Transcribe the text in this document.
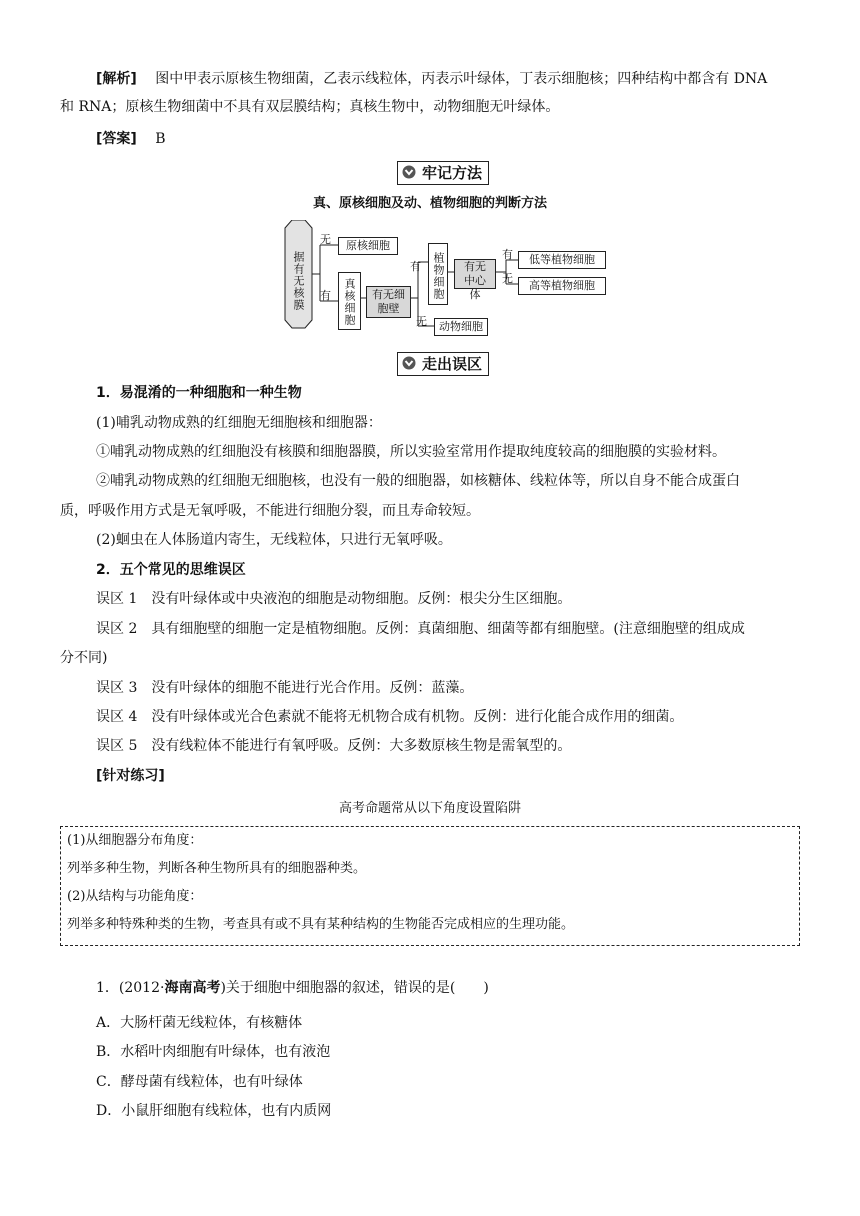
[解析]　 图中甲表示原核生物细菌，乙表示线粒体，丙表示叶绿体，丁表示细胞核；四种结构中都含有 DNA
和 RNA；原核生物细菌中不具有双层膜结构；真核生物中，动物细胞无叶绿体。
[答案]　 B
牢记方法
真、原核细胞及动、植物细胞的判断方法
据有无核膜
无
有
原核细胞
真核细胞	有无细胞壁
有
无
植物细胞	有无中心体
有
无
低等植物细胞
高等植物细胞
动物细胞
走出误区
1．易混淆的一种细胞和一种生物
(1)哺乳动物成熟的红细胞无细胞核和细胞器：
①哺乳动物成熟的红细胞没有核膜和细胞器膜，所以实验室常用作提取纯度较高的细胞膜的实验材料。
②哺乳动物成熟的红细胞无细胞核，也没有一般的细胞器，如核糖体、线粒体等，所以自身不能合成蛋白
质，呼吸作用方式是无氧呼吸，不能进行细胞分裂，而且寿命较短。
(2)蛔虫在人体肠道内寄生，无线粒体，只进行无氧呼吸。
2．五个常见的思维误区
误区 1　没有叶绿体或中央液泡的细胞是动物细胞。反例：根尖分生区细胞。
误区 2　具有细胞壁的细胞一定是植物细胞。反例：真菌细胞、细菌等都有细胞壁。(注意细胞壁的组成成
分不同)
误区 3　没有叶绿体的细胞不能进行光合作用。反例：蓝藻。
误区 4　没有叶绿体或光合色素就不能将无机物合成有机物。反例：进行化能合成作用的细菌。
误区 5　没有线粒体不能进行有氧呼吸。反例：大多数原核生物是需氧型的。
[针对练习]
高考命题常从以下角度设置陷阱
(1)从细胞器分布角度：
列举多种生物，判断各种生物所具有的细胞器种类。
(2)从结构与功能角度：
列举多种特殊种类的生物，考查具有或不具有某种结构的生物能否完成相应的生理功能。
1．(2012·海南高考)关于细胞中细胞器的叙述，错误的是(　　)
A．大肠杆菌无线粒体，有核糖体
B．水稻叶肉细胞有叶绿体，也有液泡
C．酵母菌有线粒体，也有叶绿体
D．小鼠肝细胞有线粒体，也有内质网
